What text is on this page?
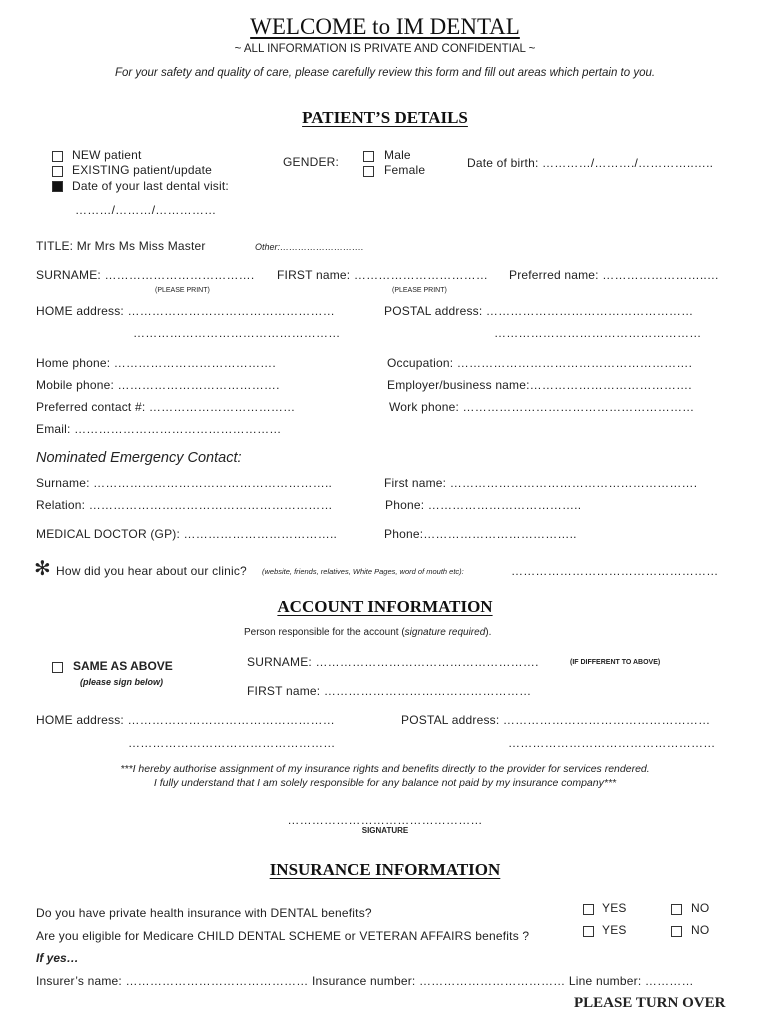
WELCOME to IM DENTAL
~ ALL INFORMATION IS PRIVATE AND CONFIDENTIAL ~
For your safety and quality of care, please carefully review this form and fill out areas which pertain to you.
PATIENT’S DETAILS
NEW patient
EXISTING patient/update
Date of your last dental visit:
………/………/……………
GENDER:	Male
Female	Date of birth: …………/………./…………..…..
TITLE: Mr Mrs Ms Miss Master	Other:……………………….
SURNAME: ………………………………. FIRST name: …………………………… Preferred name: ……………………..…
(PLEASE PRINT)	(PLEASE PRINT)
HOME address: ……………………………………………
……………………………………………
POSTAL address: ……………………………………………
……………………………………………
Home phone: ………………………………….
Mobile phone: ………………………………….
Preferred contact #: ………………………………
Email: ……………………………………………
Occupation: ………………………………………………….
Employer/business name:………………………………….
Work phone: …………………………………………………
Nominated Emergency Contact:
Surname: …………………………………………………..
Relation: ……………………………………………………
First name: …………………………………………………….
Phone: ………………………………..
MEDICAL DOCTOR (GP): ………………………………..	Phone:………………………………..
✻ How did you hear about our clinic? (website, friends, relatives, White Pages, word of mouth etc):	……………………………………………
ACCOUNT INFORMATION
Person responsible for the account (signature required).
SAME AS ABOVE
(please sign below)
SURNAME: ……………………………………………….	(IF DIFFERENT TO ABOVE)
FIRST name: ……………………………………………
HOME address: ……………………………………………
……………………………………………
POSTAL address: ……………………………………………
……………………………………………
***I hereby authorise assignment of my insurance rights and benefits directly to the provider for services rendered.
I fully understand that I am solely responsible for any balance not paid by my insurance company***
…………………………………………
SIGNATURE
INSURANCE INFORMATION
Do you have private health insurance with DENTAL benefits?
Are you eligible for Medicare CHILD DENTAL SCHEME or VETERAN AFFAIRS benefits ?
YES	NO
YES	NO
If yes…
Insurer’s name: ……………………………………… Insurance number: ……………………………… Line number: …………
PLEASE TURN OVER
